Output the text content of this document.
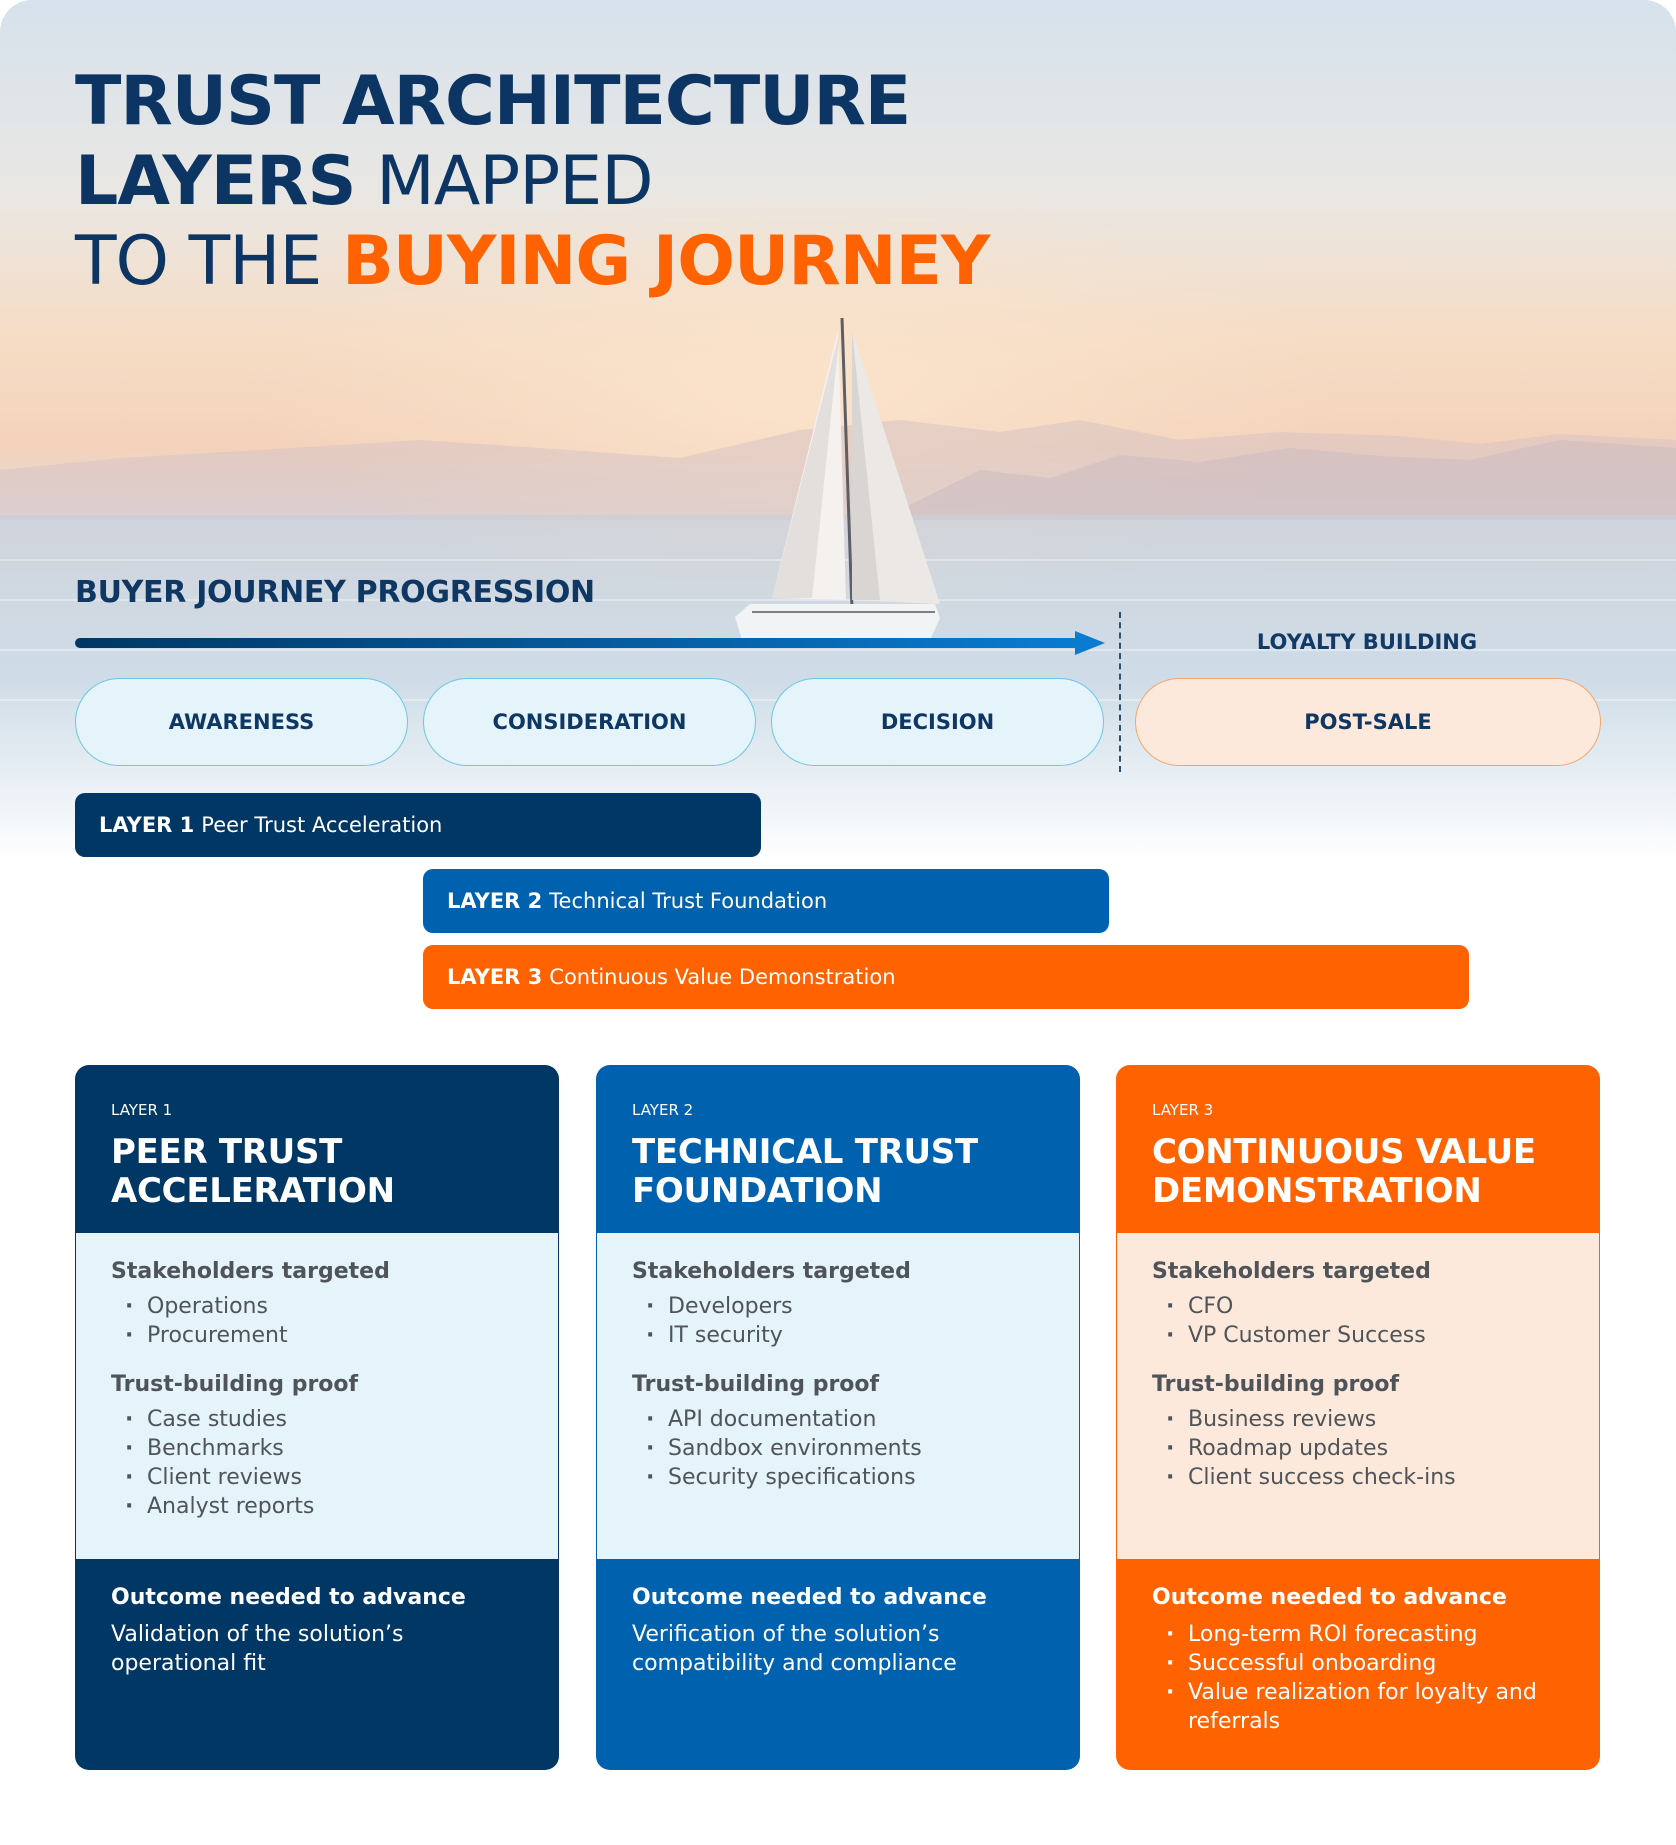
TRUST ARCHITECTURE
LAYERS MAPPED
TO THE BUYING JOURNEY
BUYER JOURNEY PROGRESSION
LOYALTY BUILDING
AWARENESS	CONSIDERATION	DECISION	POST-SALE
LAYER 1 Peer Trust Acceleration
LAYER 2 Technical Trust Foundation
LAYER 3 Continuous Value Demonstration
LAYER 1
PEER TRUST
ACCELERATION
Stakeholders targeted
· Operations
· Procurement
Trust-building proof
· Case studies
· Benchmarks
· Client reviews
· Analyst reports
Outcome needed to advance

Validation of the solution’s operational fit

LAYER 2
TECHNICAL TRUST
FOUNDATION
Stakeholders targeted
· Developers
· IT security
Trust-building proof
· API documentation
· Sandbox environments
· Security specifications
Outcome needed to advance

Verification of the solution’s compatibility and compliance

LAYER 3
CONTINUOUS VALUE
DEMONSTRATION
Stakeholders targeted
· CFO
· VP Customer Success
Trust-building proof
· Business reviews
· Roadmap updates
· Client success check-ins
Outcome needed to advance
· Long-term ROI forecasting
· Successful onboarding
· Value realization for loyalty and referrals
